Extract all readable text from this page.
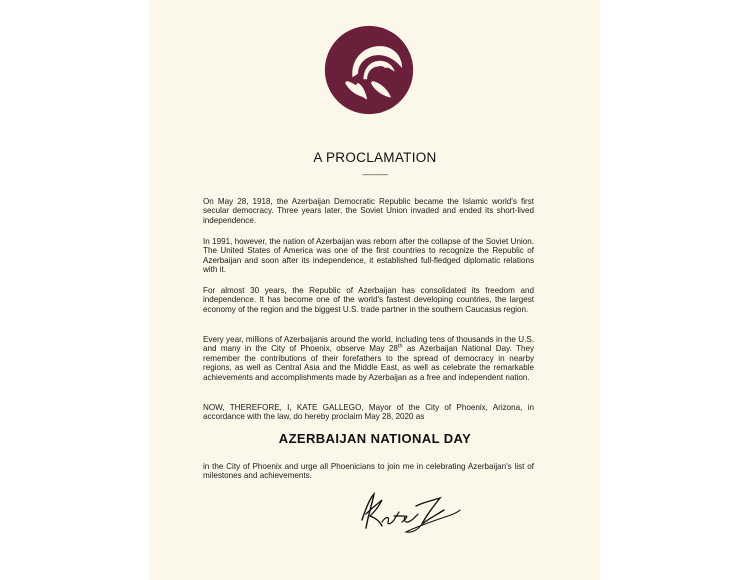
A PROCLAMATION
--------------

On May 28, 1918, the Azerbaijan Democratic Republic became the Islamic world's first secular democracy. Three years later, the Soviet Union invaded and ended its short-lived independence.

In 1991, however, the nation of Azerbaijan was reborn after the collapse of the Soviet Union. The United States of America was one of the first countries to recognize the Republic of Azerbaijan and soon after its independence, it established full-fledged diplomatic relations with it.

For almost 30 years, the Republic of Azerbaijan has consolidated its freedom and independence. It has become one of the world's fastest developing countries, the largest economy of the region and the biggest U.S. trade partner in the southern Caucasus region.

Every year, millions of Azerbaijanis around the world, including tens of thousands in the U.S. and many in the City of Phoenix, observe May 28th as Azerbaijan National Day. They remember the contributions of their forefathers to the spread of democracy in nearby regions, as well as Central Asia and the Middle East, as well as celebrate the remarkable achievements and accomplishments made by Azerbaijan as a free and independent nation.

NOW, THEREFORE, I, KATE GALLEGO, Mayor of the City of Phoenix, Arizona, in accordance with the law, do hereby proclaim May 28, 2020 as

AZERBAIJAN NATIONAL DAY

in the City of Phoenix and urge all Phoenicians to join me in celebrating Azerbaijan's list of milestones and achievements.
